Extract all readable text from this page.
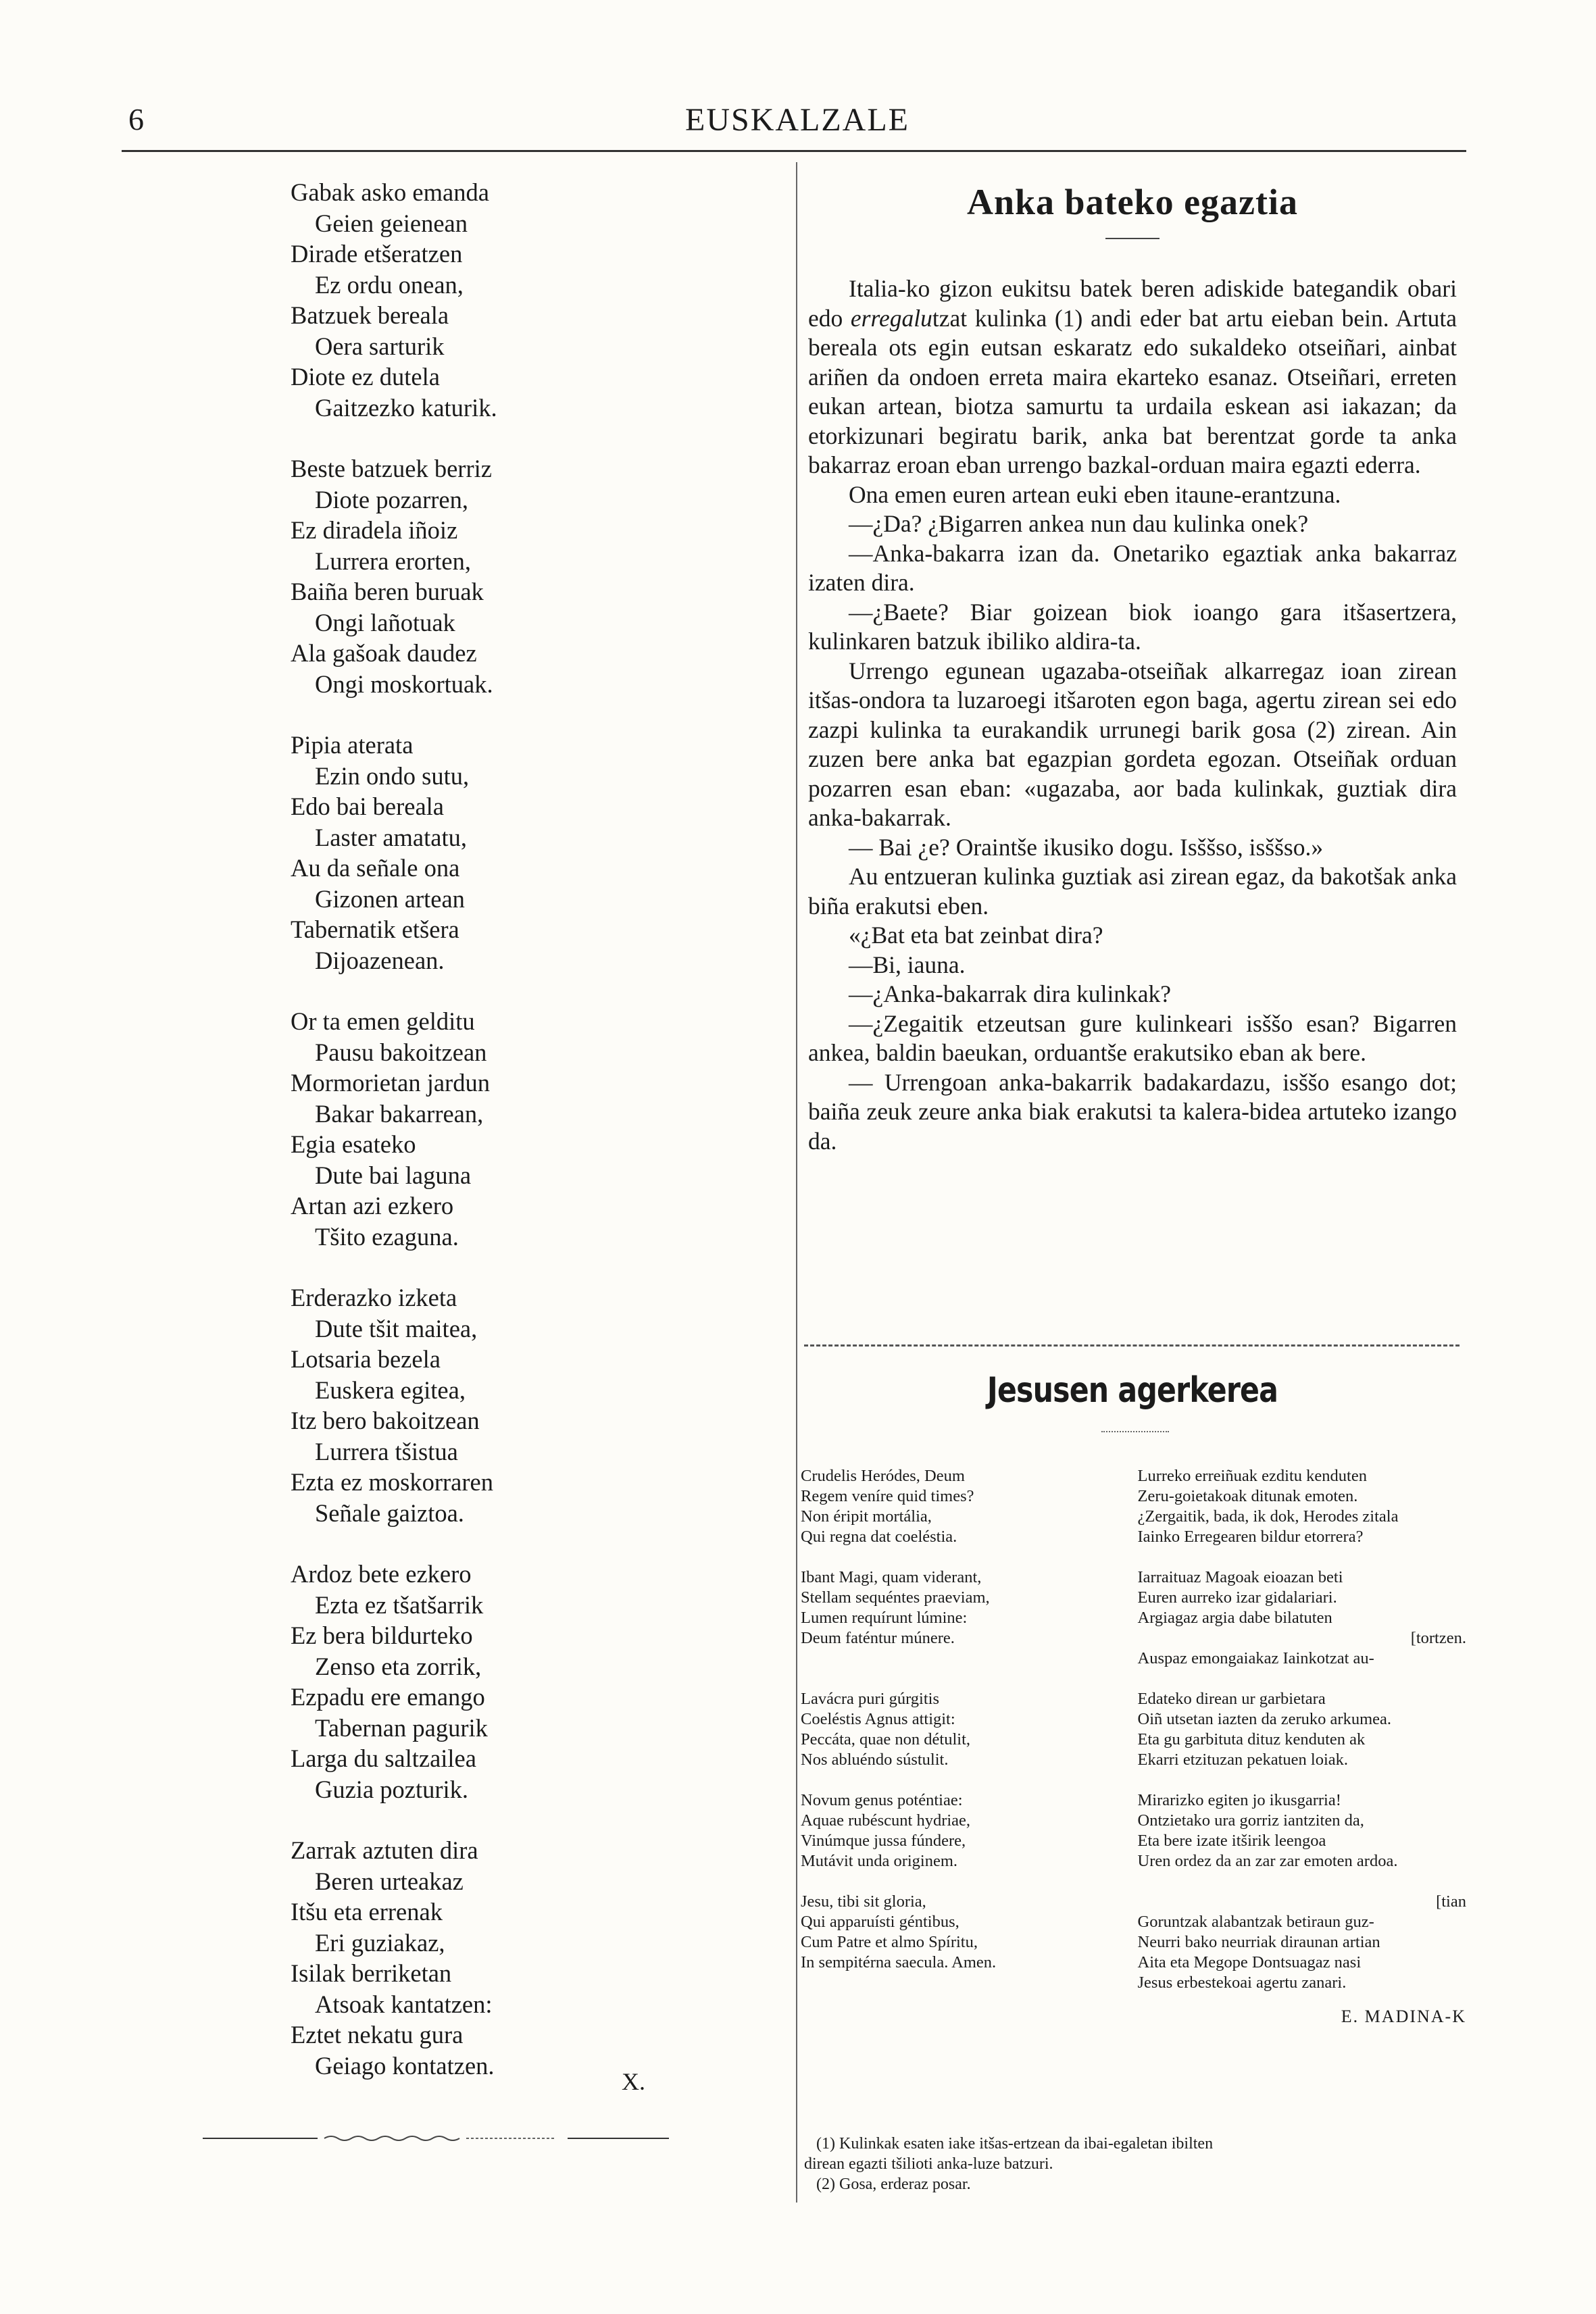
6	EUSKALZALE
Gabak asko emanda
Geien geienean
Dirade etšeratzen
Ez ordu onean,
Batzuek bereala
Oera sarturik
Diote ez dutela
Gaitzezko katurik.
Beste batzuek berriz
Diote pozarren,
Ez diradela iñoiz
Lurrera erorten,
Baiña beren buruak
Ongi lañotuak
Ala gašoak daudez
Ongi moskortuak.
Pipia aterata
Ezin ondo sutu,
Edo bai bereala
Laster amatatu,
Au da señale ona
Gizonen artean
Tabernatik etšera
Dijoazenean.
Or ta emen gelditu
Pausu bakoitzean
Mormorietan jardun
Bakar bakarrean,
Egia esateko
Dute bai laguna
Artan azi ezkero
Tšito ezaguna.
Erderazko izketa
Dute tšit maitea,
Lotsaria bezela
Euskera egitea,
Itz bero bakoitzean
Lurrera tšistua
Ezta ez moskorraren
Señale gaiztoa.
Ardoz bete ezkero
Ezta ez tšatšarrik
Ez bera bildurteko
Zenso eta zorrik,
Ezpadu ere emango
Tabernan pagurik
Larga du saltzailea
Guzia pozturik.
Zarrak aztuten dira
Beren urteakaz
Itšu eta errenak
Eri guziakaz,
Isilak berriketan
Atsoak kantatzen:
Eztet nekatu gura
Geiago kontatzen.
X.
Anka bateko egaztia

Italia-ko gizon eukitsu batek beren adiskide bategandik obari edo erregalutzat kulinka (1) andi eder bat artu eieban bein. Artuta bereala ots egin eutsan eskaratz edo sukaldeko otseiñari, ainbat ariñen da ondoen erreta maira ekarteko esanaz. Otseiñari, erreten eukan artean, biotza samurtu ta urdaila eskean asi iakazan; da etorkizunari begiratu barik, anka bat berentzat gorde ta anka bakarraz eroan eban urrengo bazkal-orduan maira egazti ederra.

Ona emen euren artean euki eben itaune-erantzuna.

—¿Da? ¿Bigarren ankea nun dau kulinka onek?

—Anka-bakarra izan da. Onetariko egaztiak anka bakarraz izaten dira.

—¿Baete? Biar goizean biok ioango gara itšasertzera, kulinkaren batzuk ibiliko aldira-ta.

Urrengo egunean ugazaba-otseiñak alkarregaz ioan zirean itšas-ondora ta luzaroegi itšaroten egon baga, agertu zirean sei edo zazpi kulinka ta eurakandik urrunegi barik gosa (2) zirean. Ain zuzen bere anka bat egazpian gordeta egozan. Otseiñak orduan pozarren esan eban: «ugazaba, aor bada kulinkak, guztiak dira anka-bakarrak.

— Bai ¿e? Oraintše ikusiko dogu. Isššso, isššso.»

Au entzueran kulinka guztiak asi zirean egaz, da bakotšak anka biña erakutsi eben.

«¿Bat eta bat zeinbat dira?

—Bi, iauna.

—¿Anka-bakarrak dira kulinkak?

—¿Zegaitik etzeutsan gure kulinkeari isššo esan? Bigarren ankea, baldin baeukan, orduantše erakutsiko eban ak bere.

— Urrengoan anka-bakarrik badakardazu, isššo esango dot; baiña zeuk zeure anka biak erakutsi ta kalera-bidea artuteko izango da.

Jesusen agerkerea
Crudelis Heródes, Deum
Regem veníre quid times?
Non éripit mortália,
Qui regna dat coeléstia.
Lurreko erreiñuak ezditu kenduten
Zeru-goietakoak ditunak emoten.
¿Zergaitik, bada, ik dok, Herodes zitala
Iainko Erregearen bildur etorrera?
Ibant Magi, quam viderant,
Stellam sequéntes praeviam,
Lumen requírunt lúmine:
Deum faténtur múnere.
Iarraituaz Magoak eioazan beti
Euren aurreko izar gidalariari.
Argiagaz argia dabe bilatuten
[tortzen.
Auspaz emongaiakaz Iainkotzat au-
Lavácra puri gúrgitis
Coeléstis Agnus attigit:
Peccáta, quae non détulit,
Nos abluéndo sústulit.
Edateko direan ur garbietara
Oiñ utsetan iazten da zeruko arkumea.
Eta gu garbituta dituz kenduten ak
Ekarri etzituzan pekatuen loiak.
Novum genus poténtiae:
Aquae rubéscunt hydriae,
Vinúmque jussa fúndere,
Mutávit unda originem.
Mirarizko egiten jo ikusgarria!
Ontzietako ura gorriz iantziten da,
Eta bere izate itširik leengoa
Uren ordez da an zar zar emoten ardoa.
Jesu, tibi sit gloria,
Qui apparuísti géntibus,
Cum Patre et almo Spíritu,
In sempitérna saecula. Amen.
[tian
Goruntzak alabantzak betiraun guz-
Neurri bako neurriak diraunan artian
Aita eta Megope Dontsuagaz nasi
Jesus erbestekoai agertu zanari.
E. MADINA-K
(1) Kulinkak esaten iake itšas-ertzean da ibai-egaletan ibilten
direan egazti tšilioti anka-luze batzuri.
(2) Gosa, erderaz posar.
